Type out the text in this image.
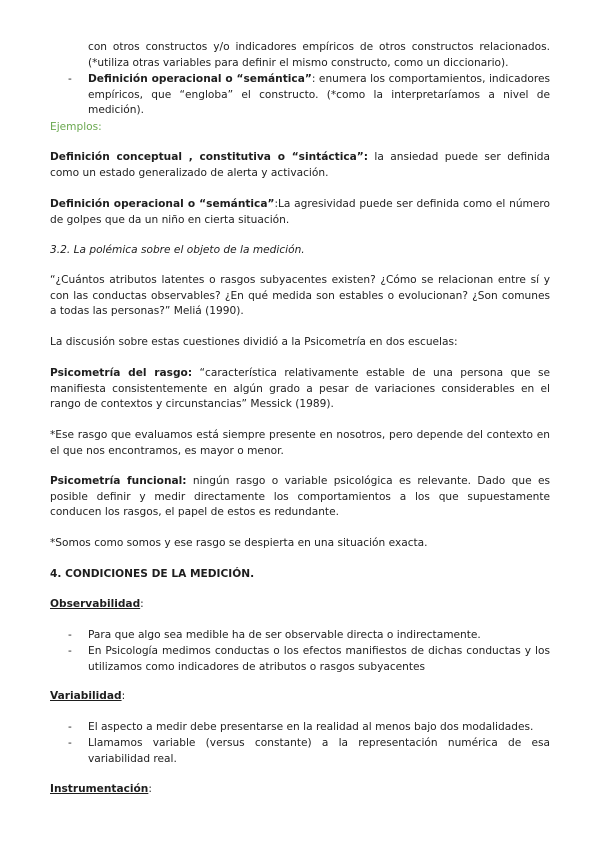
con otros constructos y/o indicadores empíricos de otros constructos relacionados. (*utiliza otras variables para definir el mismo constructo, como un diccionario).

- Definición operacional o “semántica”: enumera los comportamientos, indicadores empíricos, que “engloba” el constructo. (*como la interpretaríamos a nivel de medición).

Ejemplos:

Definición conceptual , constitutiva o “sintáctica”: la ansiedad puede ser definida como un estado generalizado de alerta y activación.

Definición operacional o “semántica”:La agresividad puede ser definida como el número de golpes que da un niño en cierta situación.

3.2. La polémica sobre el objeto de la medición.

“¿Cuántos atributos latentes o rasgos subyacentes existen? ¿Cómo se relacionan entre sí y con las conductas observables? ¿En qué medida son estables o evolucionan? ¿Son comunes a todas las personas?” Meliá (1990).

La discusión sobre estas cuestiones dividió a la Psicometría en dos escuelas:

Psicometría del rasgo: “característica relativamente estable de una persona que se manifiesta consistentemente en algún grado a pesar de variaciones considerables en el rango de contextos y circunstancias” Messick (1989).

*Ese rasgo que evaluamos está siempre presente en nosotros, pero depende del contexto en el que nos encontramos, es mayor o menor.

Psicometría funcional: ningún rasgo o variable psicológica es relevante. Dado que es posible definir y medir directamente los comportamientos a los que supuestamente conducen los rasgos, el papel de estos es redundante.

*Somos como somos y ese rasgo se despierta en una situación exacta.

4. CONDICIONES DE LA MEDICIÓN.

Observabilidad:

- Para que algo sea medible ha de ser observable directa o indirectamente.
- En Psicología medimos conductas o los efectos manifiestos de dichas conductas y los utilizamos como indicadores de atributos o rasgos subyacentes

Variabilidad:

- El aspecto a medir debe presentarse en la realidad al menos bajo dos modalidades.
- Llamamos variable (versus constante) a la representación numérica de esa variabilidad real.

Instrumentación:
